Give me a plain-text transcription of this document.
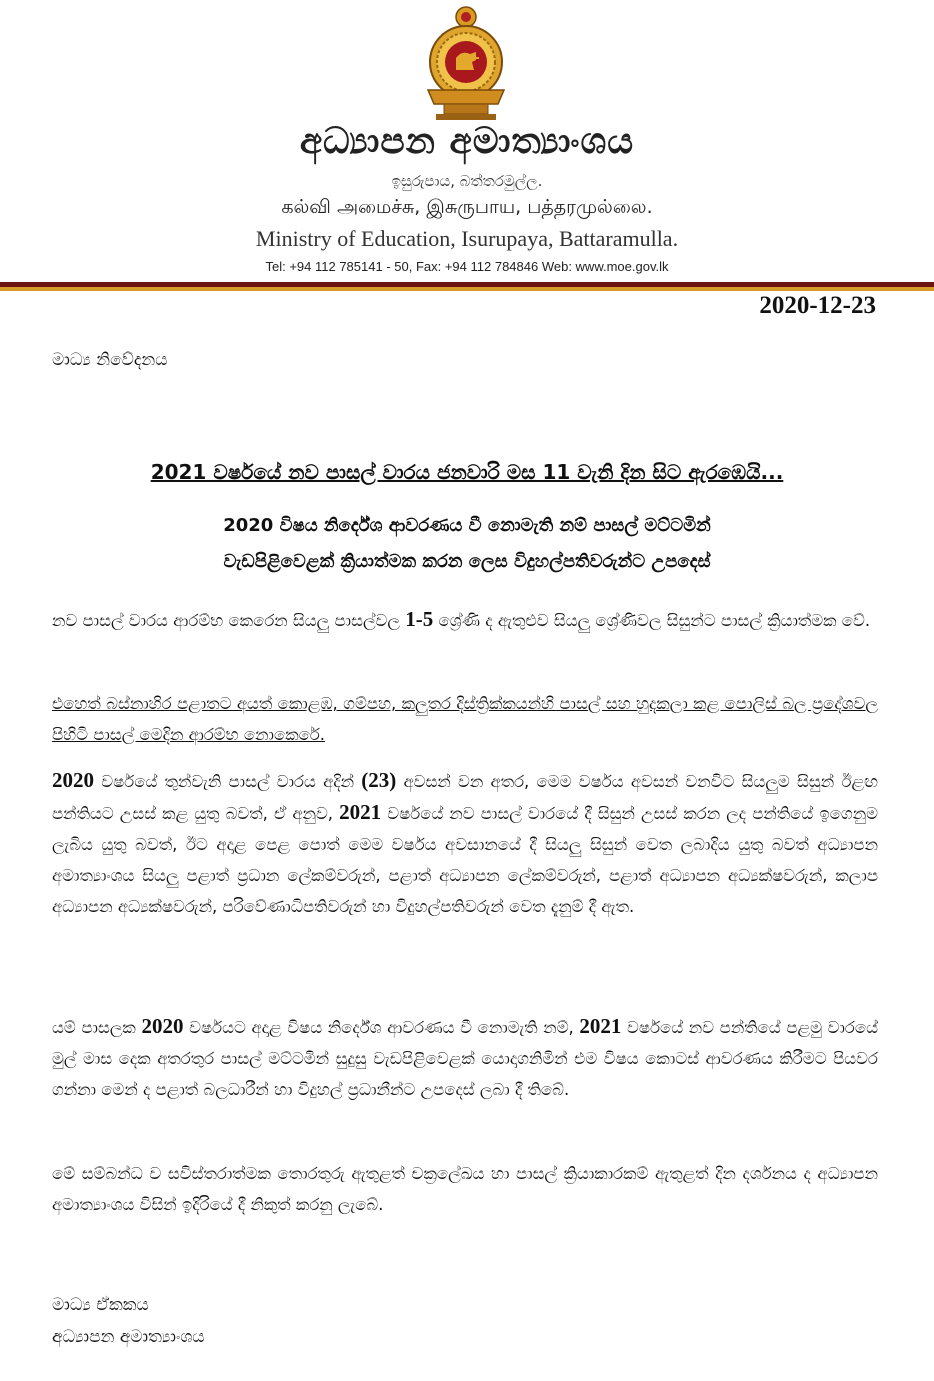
අධ්‍යාපන අමාත්‍යාංශය
ඉසුරුපාය, බත්තරමුල්ල.
கல்வி அமைச்சு, இசுருபாய, பத்தரமுல்லை.
Ministry of Education, Isurupaya, Battaramulla.
Tel: +94 112 785141 - 50, Fax: +94 112 784846 Web: www.moe.gov.lk
2020-12-23
මාධ්‍ය නිවේදනය
2021 වර්ෂයේ නව පාසල් වාරය ජනවාරි මස 11 වැනි දින සිට ඇරඹෙයි...
2020 විෂය නිර්දේශ ආවරණය වී නොමැති නම් පාසල් මට්ටමින්
වැඩපිළිවෙළක් ක්‍රියාත්මක කරන ලෙස විදුහල්පතිවරුන්ට උපදෙස්
නව පාසල් වාරය ආරම්භ කෙරෙන සියලු පාසල්වල 1-5 ශ්‍රේණි ද ඇතුළුව සියලු ශ්‍රේණිවල සිසුන්ට පාසල් ක්‍රියාත්මක වේ.
එහෙත් බස්නාහිර පළාතට අයත් කොළඹ, ගම්පහ, කලුතර දිස්ත්‍රික්කයන්හි පාසල් සහ හුදකලා කළ පොලිස් බල ප්‍රදේශවල පිහිටි පාසල් මෙදින ආරම්භ නොකෙරේ.
2020 වර්ෂයේ තුන්වැනි පාසල් වාරය අදින් (23) අවසන් වන අතර, මෙම වර්ෂය අවසන් වනවිට සියලුම සිසුන් ඊළඟ පන්තියට උසස් කළ යුතු බවත්, ඒ අනුව, 2021 වර්ෂයේ නව පාසල් වාරයේ දී සිසුන් උසස් කරන ලද පන්තියේ ඉගෙනුම ලැබිය යුතු බවත්, ඊට අදාළ පෙළ පොත් මෙම වර්ෂය අවසානයේ දී සියලු සිසුන් වෙත ලබාදිය යුතු බවත් අධ්‍යාපන අමාත්‍යාංශය සියලු පළාත් ප්‍රධාන ලේකම්වරුන්, පළාත් අධ්‍යාපන ලේකම්වරුන්, පළාත් අධ්‍යාපන අධ්‍යක්ෂවරුන්, කලාප අධ්‍යාපන අධ්‍යක්ෂවරුන්, පරිවේණාධිපතිවරුන් හා විදුහල්පතිවරුන් වෙත දැනුම් දී ඇත.
යම් පාසලක 2020 වර්ෂයට අදාළ විෂය නිර්දේශ ආවරණය වී නොමැති නම්, 2021 වර්ෂයේ නව පන්තියේ පළමු වාරයේ මුල් මාස දෙක අතරතුර පාසල් මට්ටමින් සුදුසු වැඩපිළිවෙළක් යොදාගනිමින් එම විෂය කොටස් ආවරණය කිරීමට පියවර ගන්නා මෙන් ද පළාත් බලධාරීන් හා විදුහල් ප්‍රධානීන්ට උපදෙස් ලබා දී තිබේ.
මේ සම්බන්ධ ව සවිස්තරාත්මක තොරතුරු ඇතුළත් චක්‍රලේඛය හා පාසල් ක්‍රියාකාරකම් ඇතුළත් දින දර්ශනය ද අධ්‍යාපන අමාත්‍යාංශය විසින් ඉදිරියේ දී නිකුත් කරනු ලැබේ.
මාධ්‍ය ඒකකය
අධ්‍යාපන අමාත්‍යාංශය
